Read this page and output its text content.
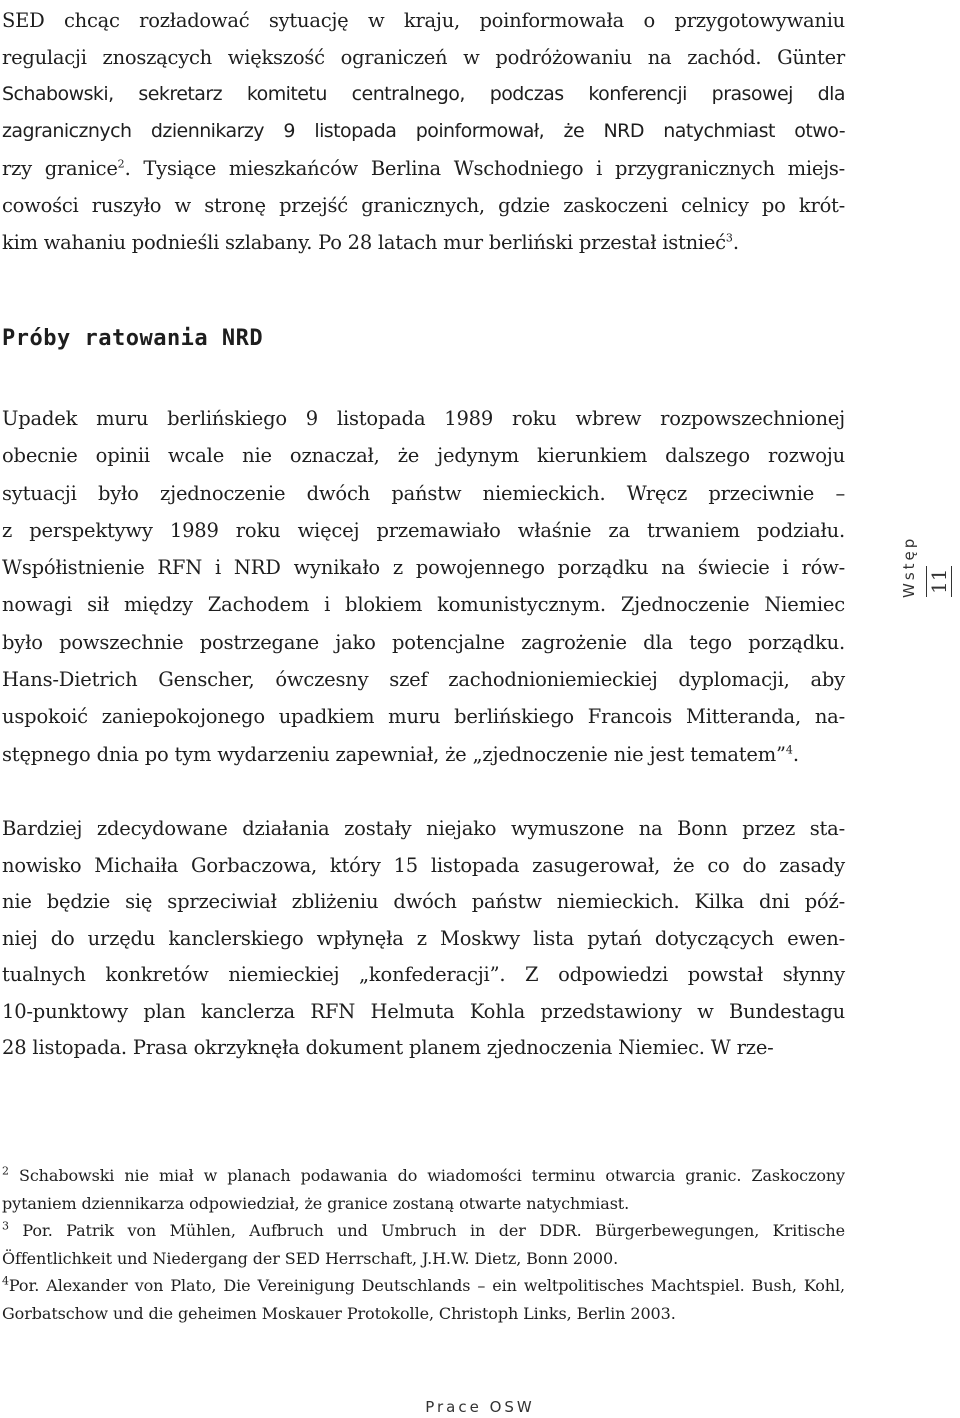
SED chcąc rozładować sytuację w kraju, poinformowała o przygotowywaniu
regulacji znoszących większość ograniczeń w podróżowaniu na zachód. Günter
Schabowski, sekretarz komitetu centralnego, podczas konferencji prasowej dla
zagranicznych dziennikarzy 9 listopada poinformował, że NRD natychmiast otwo-
rzy granice$^2$. Tysiące mieszkańców Berlina Wschodniego i przygranicznych miejs-
cowości ruszyło w stronę przejść granicznych, gdzie zaskoczeni celnicy po krót-
kim wahaniu podnieśli szlabany. Po 28 latach mur berliński przestał istnieć$^3$.
Próby ratowania NRD
Upadek muru berlińskiego 9 listopada 1989 roku wbrew rozpowszechnionej
obecnie opinii wcale nie oznaczał, że jedynym kierunkiem dalszego rozwoju
sytuacji było zjednoczenie dwóch państw niemieckich. Wręcz przeciwnie –
z perspektywy 1989 roku więcej przemawiało właśnie za trwaniem podziału.
Współistnienie RFN i NRD wynikało z powojennego porządku na świecie i rów-
nowagi sił między Zachodem i blokiem komunistycznym. Zjednoczenie Niemiec
było powszechnie postrzegane jako potencjalne zagrożenie dla tego porządku.
Hans-Dietrich Genscher, ówczesny szef zachodnioniemieckiej dyplomacji, aby
uspokoić zaniepokojonego upadkiem muru berlińskiego Francois Mitteranda, na-
stępnego dnia po tym wydarzeniu zapewniał, że „zjednoczenie nie jest tematem”$^4$.
Bardziej zdecydowane działania zostały niejako wymuszone na Bonn przez sta-
nowisko Michaiła Gorbaczowa, który 15 listopada zasugerował, że co do zasady
nie będzie się sprzeciwiał zbliżeniu dwóch państw niemieckich. Kilka dni póź-
niej do urzędu kanclerskiego wpłynęła z Moskwy lista pytań dotyczących ewen-
tualnych konkretów niemieckiej „konfederacji”. Z odpowiedzi powstał słynny
10-punktowy plan kanclerza RFN Helmuta Kohla przedstawiony w Bundestagu
28 listopada. Prasa okrzyknęła dokument planem zjednoczenia Niemiec. W rze-
Wstęp 11
$^2$ Schabowski nie miał w planach podawania do wiadomości terminu otwarcia granic. Zaskoczony
pytaniem dziennikarza odpowiedział, że granice zostaną otwarte natychmiast.
$^3$ Por. Patrik von Mühlen, Aufbruch und Umbruch in der DDR. Bürgerbewegungen, Kritische
Öffentlichkeit und Niedergang der SED Herrschaft, J.H.W. Dietz, Bonn 2000.
$^4$Por. Alexander von Plato, Die Vereinigung Deutschlands – ein weltpolitisches Machtspiel. Bush, Kohl,
Gorbatschow und die geheimen Moskauer Protokolle, Christoph Links, Berlin 2003.
Prace OSW
